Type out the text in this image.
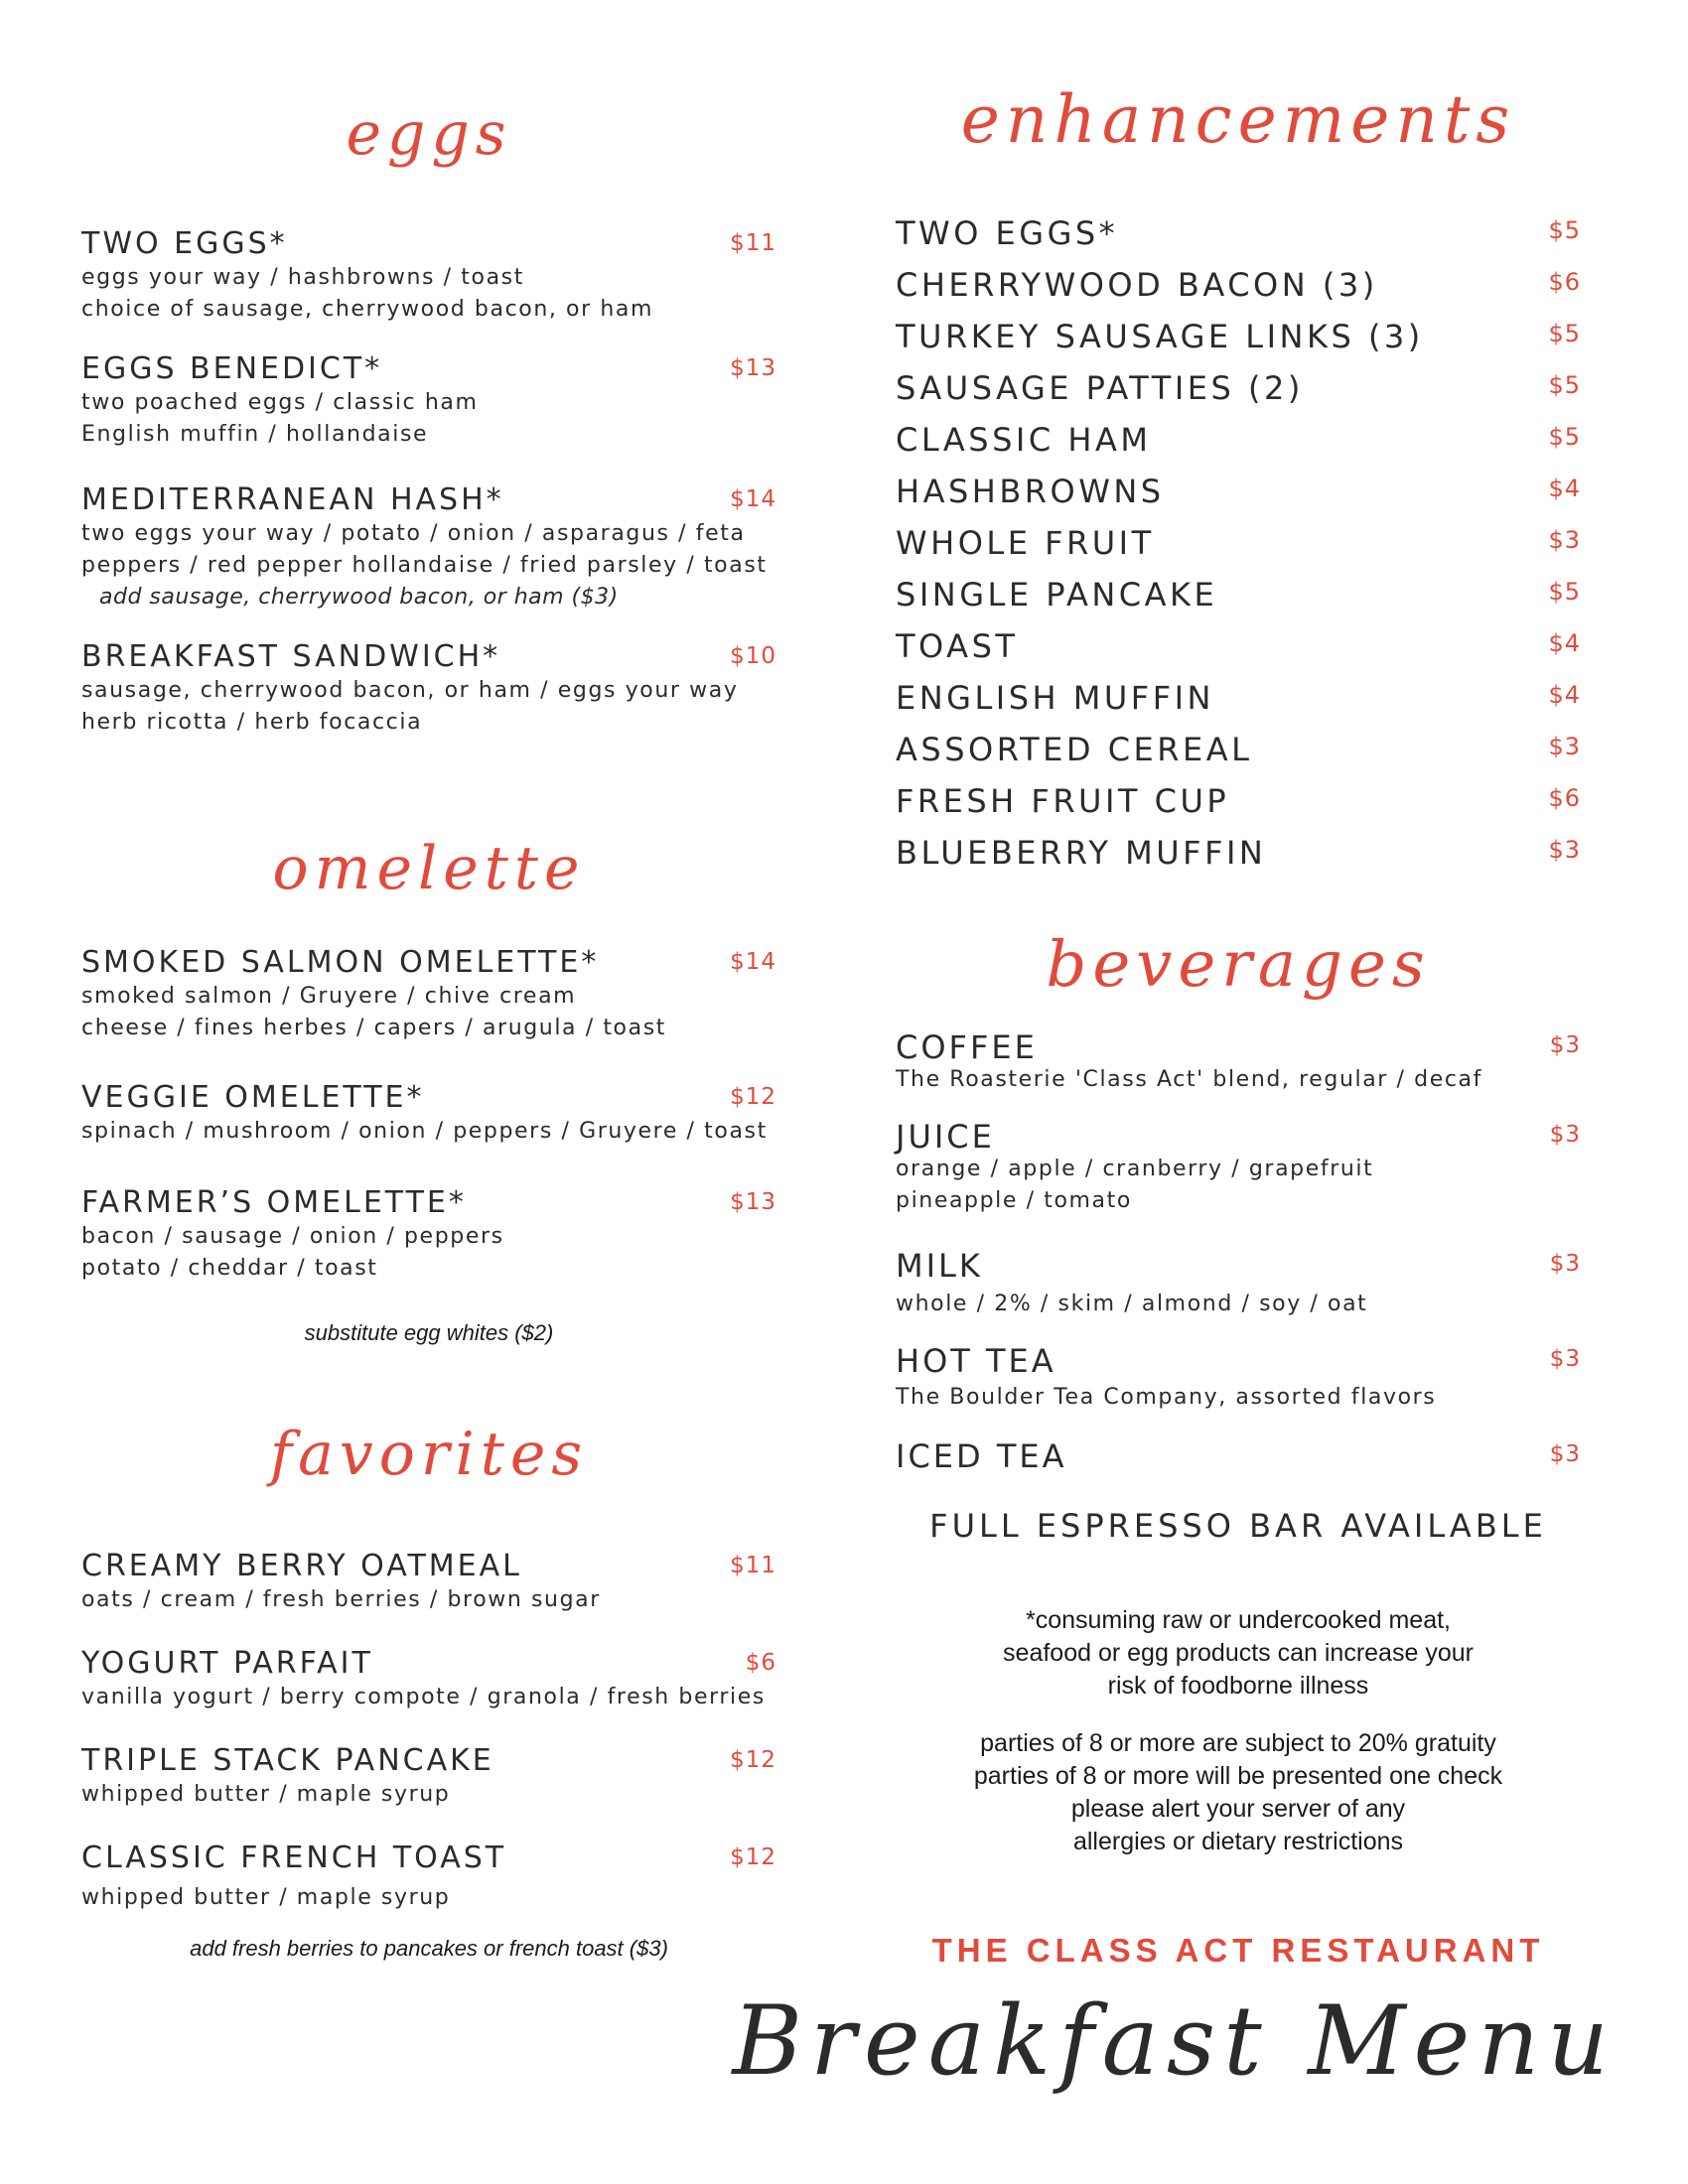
eggs
TWO EGGS*	$11
eggs your way / hashbrowns / toast
choice of sausage, cherrywood bacon, or ham
EGGS BENEDICT*	$13
two poached eggs / classic ham
English muffin / hollandaise
MEDITERRANEAN HASH*	$14
two eggs your way / potato / onion / asparagus / feta
peppers / red pepper hollandaise / fried parsley / toast
add sausage, cherrywood bacon, or ham ($3)
BREAKFAST SANDWICH*	$10
sausage, cherrywood bacon, or ham / eggs your way
herb ricotta / herb focaccia
omelette
SMOKED SALMON OMELETTE*	$14
smoked salmon / Gruyere / chive cream
cheese / fines herbes / capers / arugula / toast
VEGGIE OMELETTE*	$12
spinach / mushroom / onion / peppers / Gruyere / toast
FARMER’S OMELETTE*	$13
bacon / sausage / onion / peppers
potato / cheddar / toast
substitute egg whites ($2)
favorites
CREAMY BERRY OATMEAL	$11
oats / cream / fresh berries / brown sugar
YOGURT PARFAIT	$6
vanilla yogurt / berry compote / granola / fresh berries
TRIPLE STACK PANCAKE	$12
whipped butter / maple syrup
CLASSIC FRENCH TOAST	$12
whipped butter / maple syrup
add fresh berries to pancakes or french toast ($3)
enhancements
TWO EGGS*	$5
CHERRYWOOD BACON (3)	$6
TURKEY SAUSAGE LINKS (3)	$5
SAUSAGE PATTIES (2)	$5
CLASSIC HAM	$5
HASHBROWNS	$4
WHOLE FRUIT	$3
SINGLE PANCAKE	$5
TOAST	$4
ENGLISH MUFFIN	$4
ASSORTED CEREAL	$3
FRESH FRUIT CUP	$6
BLUEBERRY MUFFIN	$3
beverages
COFFEE	$3
The Roasterie 'Class Act' blend, regular / decaf
JUICE	$3
orange / apple / cranberry / grapefruit
pineapple / tomato
MILK	$3
whole / 2% / skim / almond / soy / oat
HOT TEA	$3
The Boulder Tea Company, assorted flavors
ICED TEA	$3
FULL ESPRESSO BAR AVAILABLE
*consuming raw or undercooked meat,
seafood or egg products can increase your
risk of foodborne illness
parties of 8 or more are subject to 20% gratuity
parties of 8 or more will be presented one check
please alert your server of any
allergies or dietary restrictions
THE CLASS ACT RESTAURANT
Breakfast Menu
